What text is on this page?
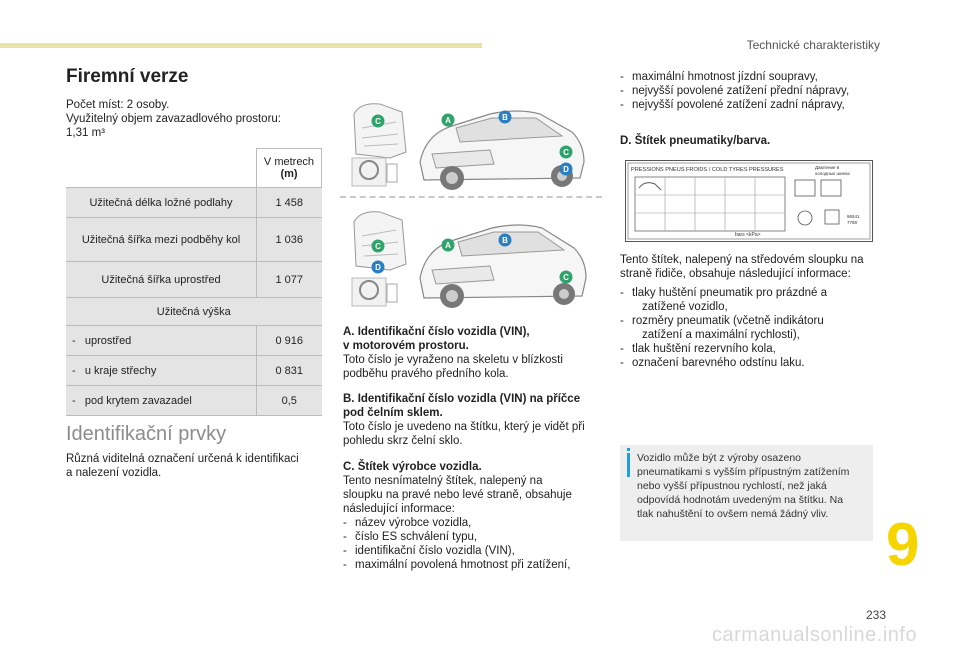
Technické charakteristiky
Firemní verze
Počet míst: 2 osoby.
Využitelný objem zavazadlového prostoru:
1,31 m³

	V metrech
(m)

Užitečná délka ložné podlahy	1 458
Užitečná šířka mezi podběhy kol	1 036
Užitečná šířka uprostřed	1 077
Užitečná výška	
-   uprostřed	0 916
-   u kraje střechy	0 831
-   pod krytem zavazadel	0,5
Identifikační prvky
Různá viditelná označení určená k identifikaci
a nalezení vozidla.
A	B
C
C
D
A
B
C
D
C
A. Identifikační číslo vozidla (VIN),
v motorovém prostoru.
Toto číslo je vyraženo na skeletu v blízkosti
podběhu pravého předního kola.
B. Identifikační číslo vozidla (VIN) na příčce
pod čelním sklem.
Toto číslo je uvedeno na štítku, který je vidět při
pohledu skrz čelní sklo.
C. Štítek výrobce vozidla.
Tento nesnímatelný štítek, nalepený na
sloupku na pravé nebo levé straně, obsahuje
následující informace:
- název výrobce vozidla,
- číslo ES schválení typu,
- identifikační číslo vozidla (VIN),
- maximální povolená hmotnost při zatížení,
- maximální hmotnost jízdní soupravy,
- nejvyšší povolené zatížení přední nápravy,
- nejvyšší povolené zatížení zadní nápravy,
D. Štítek pneumatiky/barva.
PRESSIONS PNEUS FROIDS / COLD TYRES PRESSURES	Давление в
холодных шинах
bars <kPa>
96541
7788
Tento štítek, nalepený na středovém sloupku na
straně řidiče, obsahuje následující informace:
- tlaky huštění pneumatik pro prázdné a
zatížené vozidlo,
- rozměry pneumatik (včetně indikátoru
zatížení a maximální rychlosti),
- tlak huštění rezervního kola,
- označení barevného odstínu laku.
Vozidlo může být z výroby osazeno
pneumatikami s vyšším přípustným zatížením
nebo vyšší přípustnou rychlostí, než jaká
odpovídá hodnotám uvedeným na štítku. Na
tlak nahuštění to ovšem nemá žádný vliv. 9
233
carmanualsonline.info
